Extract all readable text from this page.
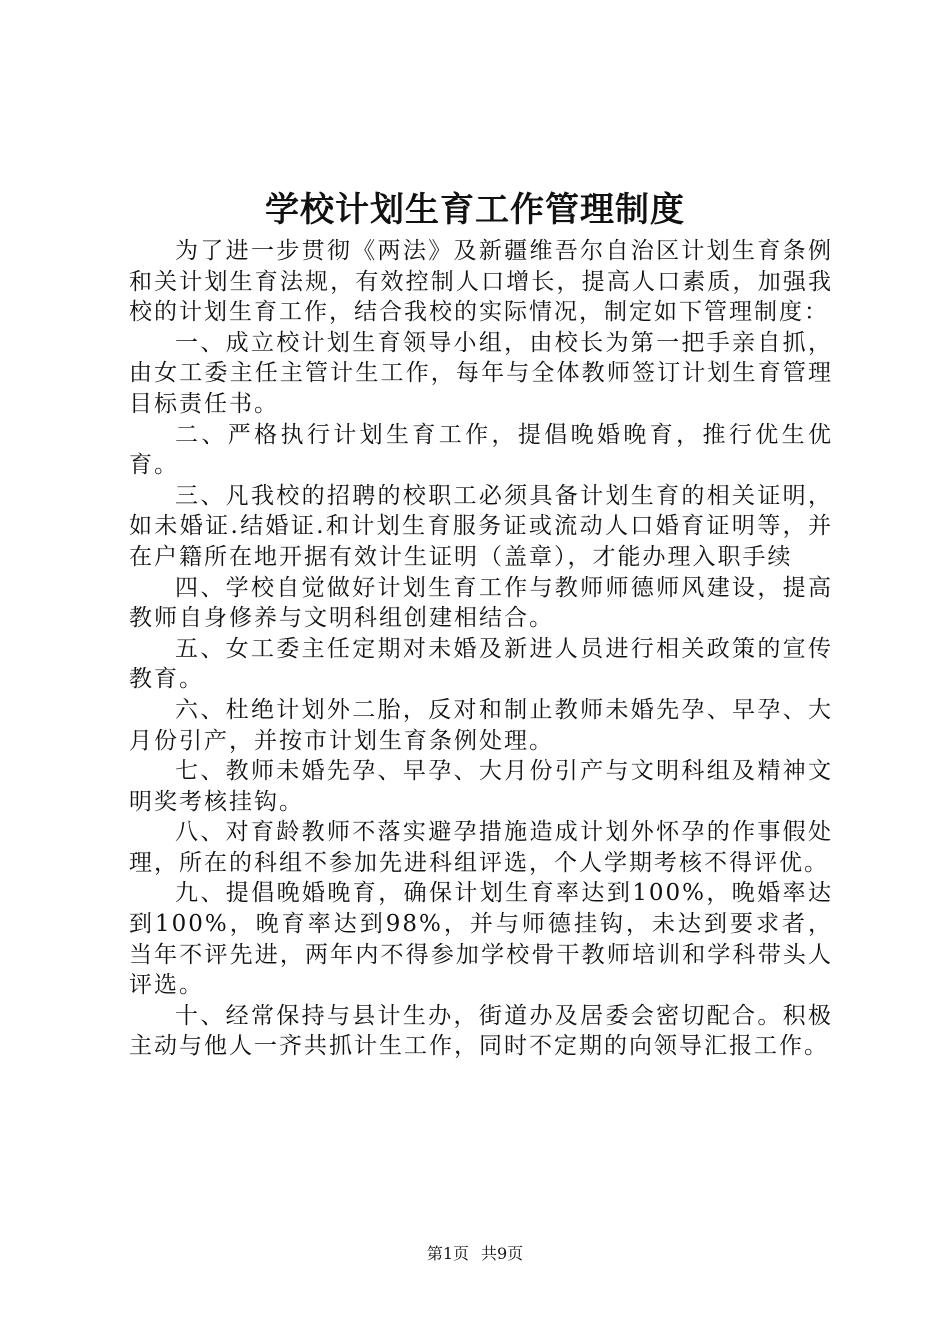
学校计划生育工作管理制度

为了进一步贯彻《两法》及新疆维吾尔自治区计划生育条例和关计划生育法规，有效控制人口增长，提高人口素质，加强我校的计划生育工作，结合我校的实际情况，制定如下管理制度：

一、成立校计划生育领导小组，由校长为第一把手亲自抓，由女工委主任主管计生工作，每年与全体教师签订计划生育管理目标责任书。

二、严格执行计划生育工作，提倡晚婚晚育，推行优生优育。

三、凡我校的招聘的校职工必须具备计划生育的相关证明，如未婚证.结婚证.和计划生育服务证或流动人口婚育证明等，并在户籍所在地开据有效计生证明（盖章），才能办理入职手续

四、学校自觉做好计划生育工作与教师师德师风建设，提高教师自身修养与文明科组创建相结合。

五、女工委主任定期对未婚及新进人员进行相关政策的宣传教育。

六、杜绝计划外二胎，反对和制止教师未婚先孕、早孕、大月份引产，并按市计划生育条例处理。

七、教师未婚先孕、早孕、大月份引产与文明科组及精神文明奖考核挂钩。

八、对育龄教师不落实避孕措施造成计划外怀孕的作事假处理，所在的科组不参加先进科组评选，个人学期考核不得评优。

九、提倡晚婚晚育，确保计划生育率达到100%，晚婚率达到100%，晚育率达到98%，并与师德挂钩，未达到要求者，当年不评先进，两年内不得参加学校骨干教师培训和学科带头人评选。

十、经常保持与县计生办，街道办及居委会密切配合。积极主动与他人一齐共抓计生工作，同时不定期的向领导汇报工作。

第1页 共9页
